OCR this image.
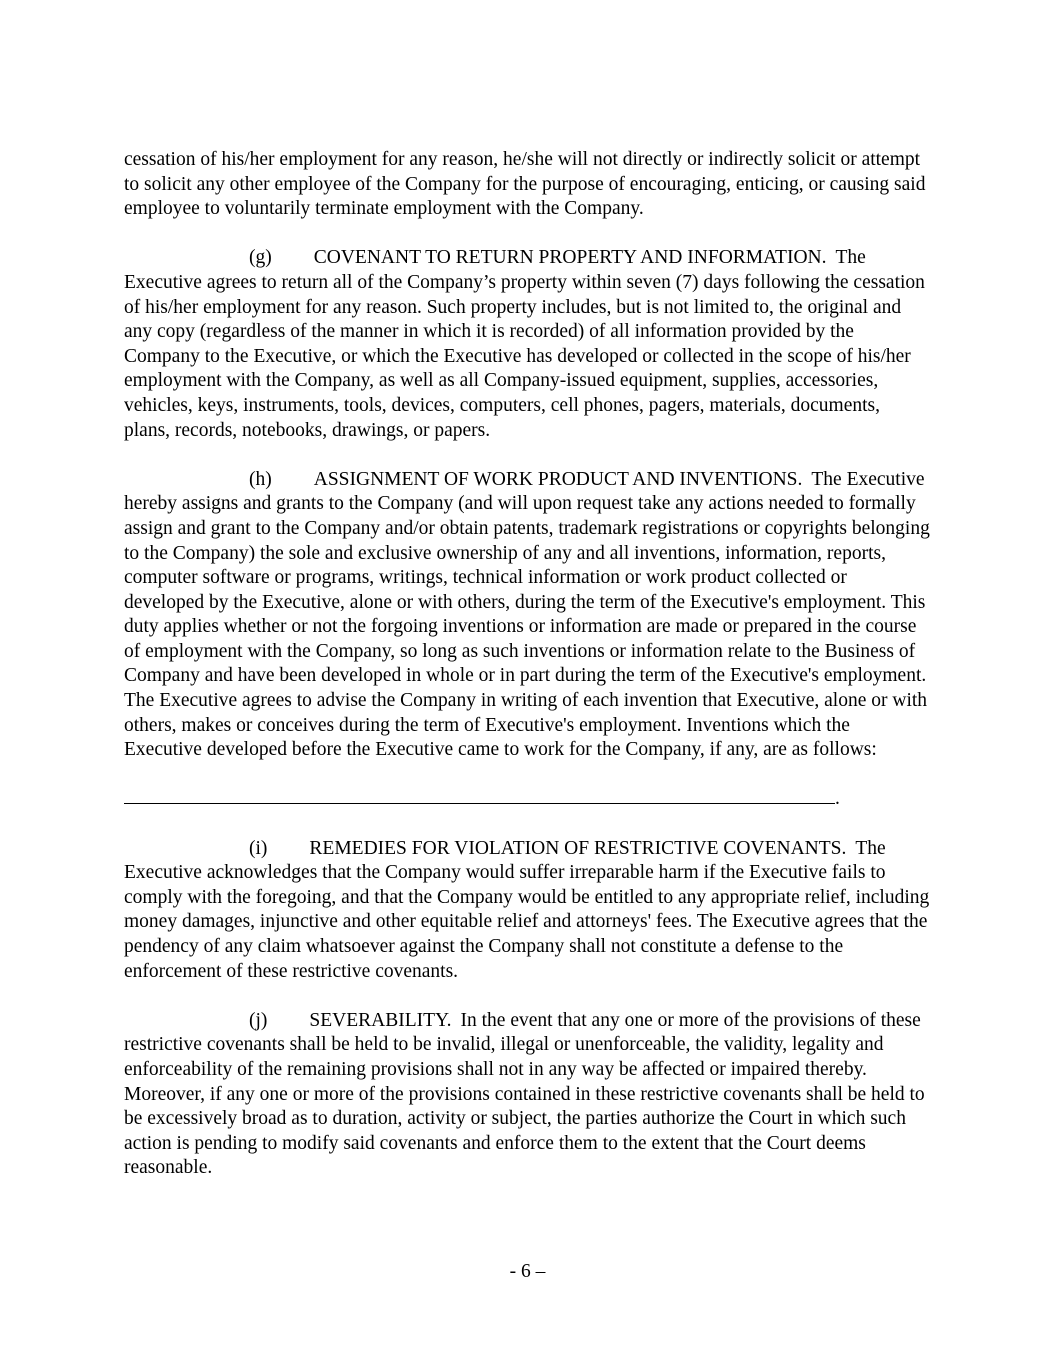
cessation of his/her employment for any reason, he/she will not directly or indirectly solicit or attempt to solicit any other employee of the Company for the purpose of encouraging, enticing, or causing said employee to voluntarily terminate employment with the Company.

(g) COVENANT TO RETURN PROPERTY AND INFORMATION. The Executive agrees to return all of the Company’s property within seven (7) days following the cessation of his/her employment for any reason. Such property includes, but is not limited to, the original and any copy (regardless of the manner in which it is recorded) of all information provided by the Company to the Executive, or which the Executive has developed or collected in the scope of his/her employment with the Company, as well as all Company-issued equipment, supplies, accessories, vehicles, keys, instruments, tools, devices, computers, cell phones, pagers, materials, documents, plans, records, notebooks, drawings, or papers.

(h) ASSIGNMENT OF WORK PRODUCT AND INVENTIONS. The Executive hereby assigns and grants to the Company (and will upon request take any actions needed to formally assign and grant to the Company and/or obtain patents, trademark registrations or copyrights belonging to the Company) the sole and exclusive ownership of any and all inventions, information, reports, computer software or programs, writings, technical information or work product collected or developed by the Executive, alone or with others, during the term of the Executive's employment. This duty applies whether or not the forgoing inventions or information are made or prepared in the course of employment with the Company, so long as such inventions or information relate to the Business of Company and have been developed in whole or in part during the term of the Executive's employment. The Executive agrees to advise the Company in writing of each invention that Executive, alone or with others, makes or conceives during the term of Executive's employment. Inventions which the Executive developed before the Executive came to work for the Company, if any, are as follows:

.

(i) REMEDIES FOR VIOLATION OF RESTRICTIVE COVENANTS. The Executive acknowledges that the Company would suffer irreparable harm if the Executive fails to comply with the foregoing, and that the Company would be entitled to any appropriate relief, including money damages, injunctive and other equitable relief and attorneys' fees. The Executive agrees that the pendency of any claim whatsoever against the Company shall not constitute a defense to the enforcement of these restrictive covenants.

(j) SEVERABILITY. In the event that any one or more of the provisions of these restrictive covenants shall be held to be invalid, illegal or unenforceable, the validity, legality and enforceability of the remaining provisions shall not in any way be affected or impaired thereby. Moreover, if any one or more of the provisions contained in these restrictive covenants shall be held to be excessively broad as to duration, activity or subject, the parties authorize the Court in which such action is pending to modify said covenants and enforce them to the extent that the Court deems reasonable.

- 6 –
